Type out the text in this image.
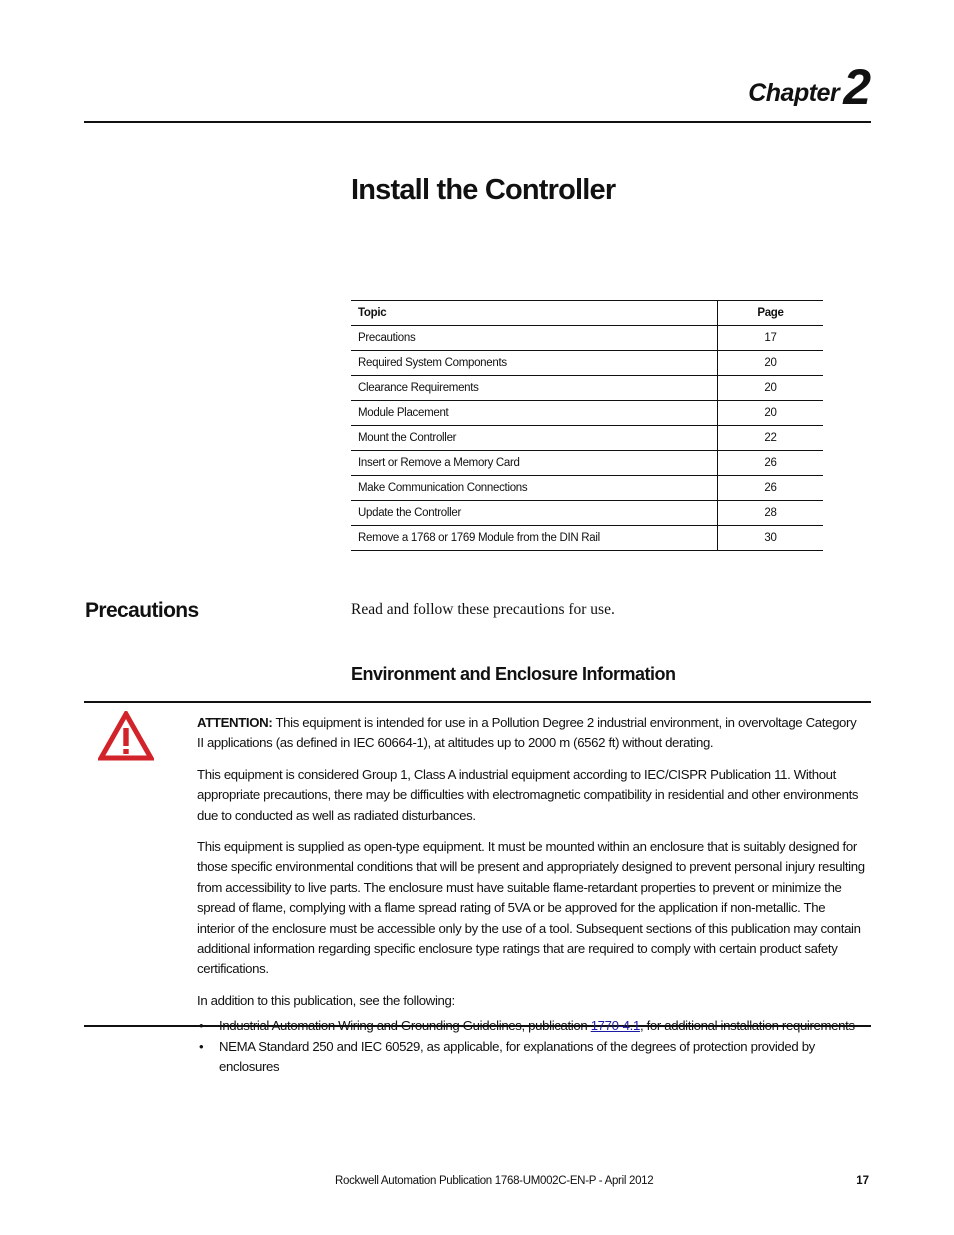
Chapter 2
Install the Controller
Topic	Page
Precautions	17
Required System Components	20
Clearance Requirements	20
Module Placement	20
Mount the Controller	22
Insert or Remove a Memory Card	26
Make Communication Connections	26
Update the Controller	28
Remove a 1768 or 1769 Module from the DIN Rail	30
Precautions	Read and follow these precautions for use.

Environment and Enclosure Information

ATTENTION: This equipment is intended for use in a Pollution Degree 2 industrial environment, in overvoltage Category II applications (as defined in IEC 60664-1), at altitudes up to 2000 m (6562 ft) without derating.

This equipment is considered Group 1, Class A industrial equipment according to IEC/CISPR Publication 11. Without appropriate precautions, there may be difficulties with electromagnetic compatibility in residential and other environments due to conducted as well as radiated disturbances.

This equipment is supplied as open-type equipment. It must be mounted within an enclosure that is suitably designed for those specific environmental conditions that will be present and appropriately designed to prevent personal injury resulting from accessibility to live parts. The enclosure must have suitable flame-retardant properties to prevent or minimize the spread of flame, complying with a flame spread rating of 5VA or be approved for the application if non-metallic. The interior of the enclosure must be accessible only by the use of a tool. Subsequent sections of this publication may contain additional information regarding specific enclosure type ratings that are required to comply with certain product safety certifications.

In addition to this publication, see the following:

• Industrial Automation Wiring and Grounding Guidelines, publication 1770-4.1, for additional installation requirements
• NEMA Standard 250 and IEC 60529, as applicable, for explanations of the degrees of protection provided by enclosures
Rockwell Automation Publication 1768-UM002C-EN-P - April 2012	17
